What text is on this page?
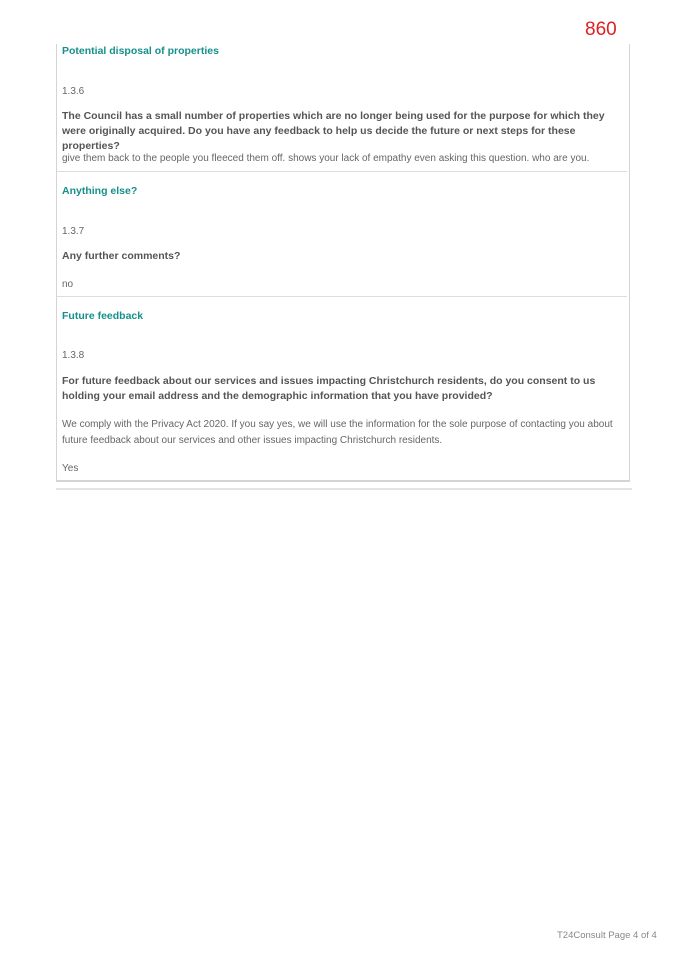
860

Potential disposal of properties

1.3.6

The Council has a small number of properties which are no longer being used for the purpose for which they were originally acquired. Do you have any feedback to help us decide the future or next steps for these properties?

give them back to the people you fleeced them off. shows your lack of empathy even asking this question. who are you.

Anything else?

1.3.7

Any further comments?

no

Future feedback

1.3.8

For future feedback about our services and issues impacting Christchurch residents, do you consent to us holding your email address and the demographic information that you have provided?

We comply with the Privacy Act 2020. If you say yes, we will use the information for the sole purpose of contacting you about future feedback about our services and other issues impacting Christchurch residents.

Yes

T24Consult Page 4 of 4
